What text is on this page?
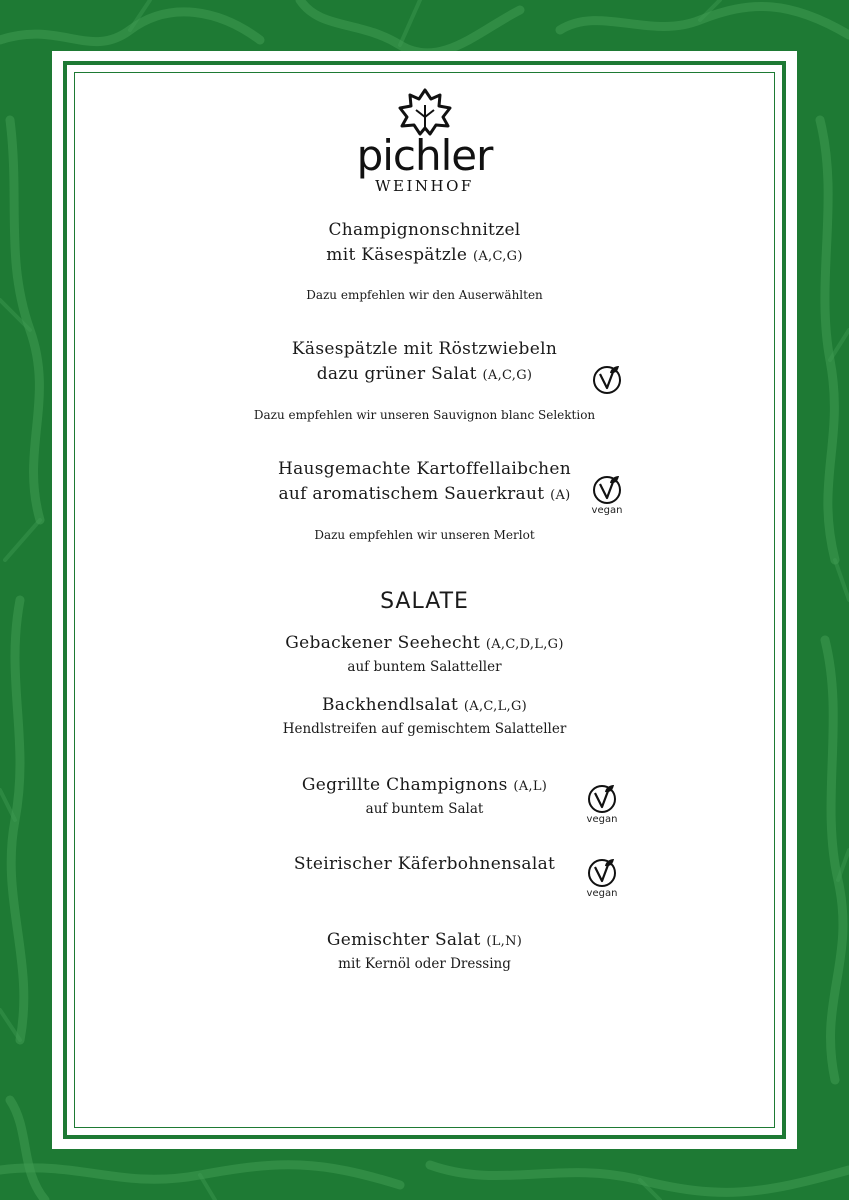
pichler
WEINHOF
Champignonschnitzel
mit Käsespätzle (A,C,G)
Dazu empfehlen wir den Auserwählten
Käsespätzle mit Röstzwiebeln
dazu grüner Salat (A,C,G)
Dazu empfehlen wir unseren Sauvignon blanc Selektion
Hausgemachte Kartoffellaibchen
auf aromatischem Sauerkraut (A)
vegan
Dazu empfehlen wir unseren Merlot
SALATE
Gebackener Seehecht (A,C,D,L,G)
auf buntem Salatteller
Backhendlsalat (A,C,L,G)
Hendlstreifen auf gemischtem Salatteller
Gegrillte Champignons (A,L)
auf buntem Salat
vegan
Steirischer Käferbohnensalat
vegan
Gemischter Salat (L,N)
mit Kernöl oder Dressing
